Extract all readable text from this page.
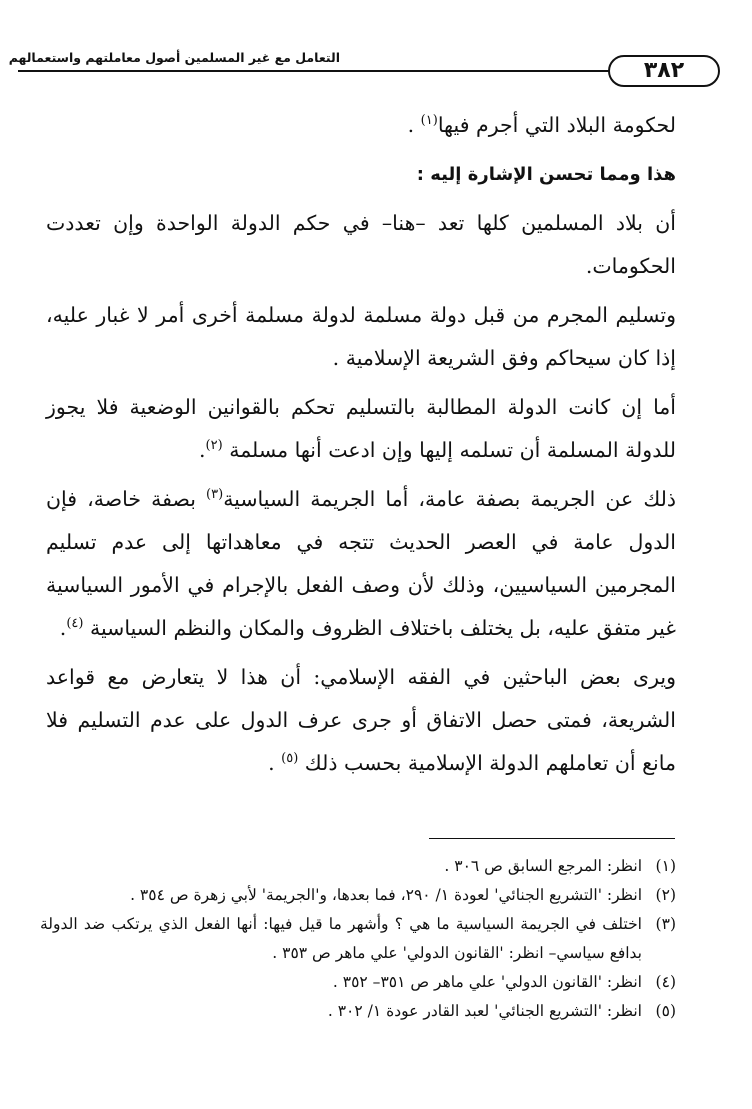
التعامل مع غير المسلمين أصول معاملتهم واستعمالهم
٣٨٢

لحكومة البلاد التي أجرم فيها$^{(١)}$ .

هذا ومما تحسن الإشارة إليه :

أن بلاد المسلمين كلها تعد –هنا– في حكم الدولة الواحدة وإن تعددت الحكومات.

وتسليم المجرم من قبل دولة مسلمة لدولة مسلمة أخرى أمر لا غبار عليه، إذا كان سيحاكم وفق الشريعة الإسلامية .

أما إن كانت الدولة المطالبة بالتسليم تحكم بالقوانين الوضعية فلا يجوز للدولة المسلمة أن تسلمه إليها وإن ادعت أنها مسلمة $^{(٢)}$.

ذلك عن الجريمة بصفة عامة، أما الجريمة السياسية$^{(٣)}$ بصفة خاصة، فإن الدول عامة في العصر الحديث تتجه في معاهداتها إلى عدم تسليم المجرمين السياسيين، وذلك لأن وصف الفعل بالإجرام في الأمور السياسية غير متفق عليه، بل يختلف باختلاف الظروف والمكان والنظم السياسية $^{(٤)}$.

ويرى بعض الباحثين في الفقه الإسلامي: أن هذا لا يتعارض مع قواعد الشريعة، فمتى حصل الاتفاق أو جرى عرف الدول على عدم التسليم فلا مانع أن تعاملهم الدولة الإسلامية بحسب ذلك $^{(٥)}$ .

(١)
انظر: المرجع السابق ص ٣٠٦ .
(٢)
انظر: 'التشريع الجنائي' لعودة ١/ ٢٩٠، فما بعدها، و'الجريمة' لأبي زهرة ص ٣٥٤ .
(٣)
اختلف في الجريمة السياسية ما هي ؟ وأشهر ما قيل فيها: أنها الفعل الذي يرتكب ضد الدولة بدافع سياسي– انظر: 'القانون الدولي' علي ماهر ص ٣٥٣ .
(٤)
انظر: 'القانون الدولي' علي ماهر ص ٣٥١– ٣٥٢ .
(٥)
انظر: 'التشريع الجنائي' لعبد القادر عودة ١/ ٣٠٢ .
